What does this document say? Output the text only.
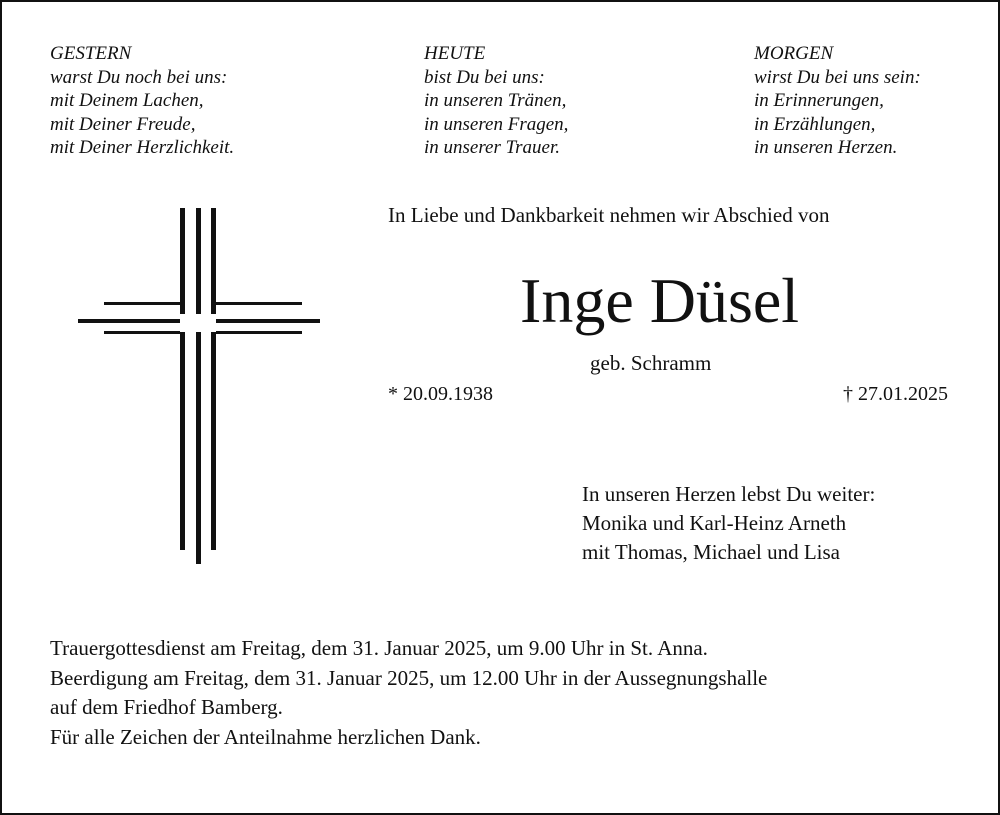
GESTERN
warst Du noch bei uns:
mit Deinem Lachen,
mit Deiner Freude,
mit Deiner Herzlichkeit.
HEUTE
bist Du bei uns:
in unseren Tränen,
in unseren Fragen,
in unserer Trauer.
MORGEN
wirst Du bei uns sein:
in Erinnerungen,
in Erzählungen,
in unseren Herzen.
In Liebe und Dankbarkeit nehmen wir Abschied von
Inge Düsel
geb. Schramm
* 20.09.1938	† 27.01.2025
In unseren Herzen lebst Du weiter:
Monika und Karl-Heinz Arneth
mit Thomas, Michael und Lisa
Trauergottesdienst am Freitag, dem 31. Januar 2025, um 9.00 Uhr in St. Anna.
Beerdigung am Freitag, dem 31. Januar 2025, um 12.00 Uhr in der Aussegnungshalle
auf dem Friedhof Bamberg.
Für alle Zeichen der Anteilnahme herzlichen Dank.
